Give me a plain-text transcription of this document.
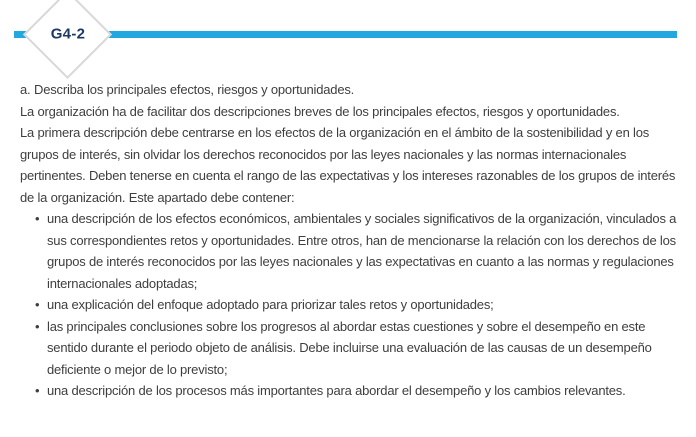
G4-2

a. Describa los principales efectos, riesgos y oportunidades.

La organización ha de facilitar dos descripciones breves de los principales efectos, riesgos y oportunidades.

La primera descripción debe centrarse en los efectos de la organización en el ámbito de la sostenibilidad y en los grupos de interés, sin olvidar los derechos reconocidos por las leyes nacionales y las normas internacionales pertinentes. Deben tenerse en cuenta el rango de las expectativas y los intereses razonables de los grupos de interés de la organización. Este apartado debe contener:

• una descripción de los efectos económicos, ambientales y sociales significativos de la organización, vinculados a sus correspondientes retos y oportunidades. Entre otros, han de mencionarse la relación con los derechos de los grupos de interés reconocidos por las leyes nacionales y las expectativas en cuanto a las normas y regulaciones internacionales adoptadas;
• una explicación del enfoque adoptado para priorizar tales retos y oportunidades;
• las principales conclusiones sobre los progresos al abordar estas cuestiones y sobre el desempeño en este sentido durante el periodo objeto de análisis. Debe incluirse una evaluación de las causas de un desempeño deficiente o mejor de lo previsto;
• una descripción de los procesos más importantes para abordar el desempeño y los cambios relevantes.
